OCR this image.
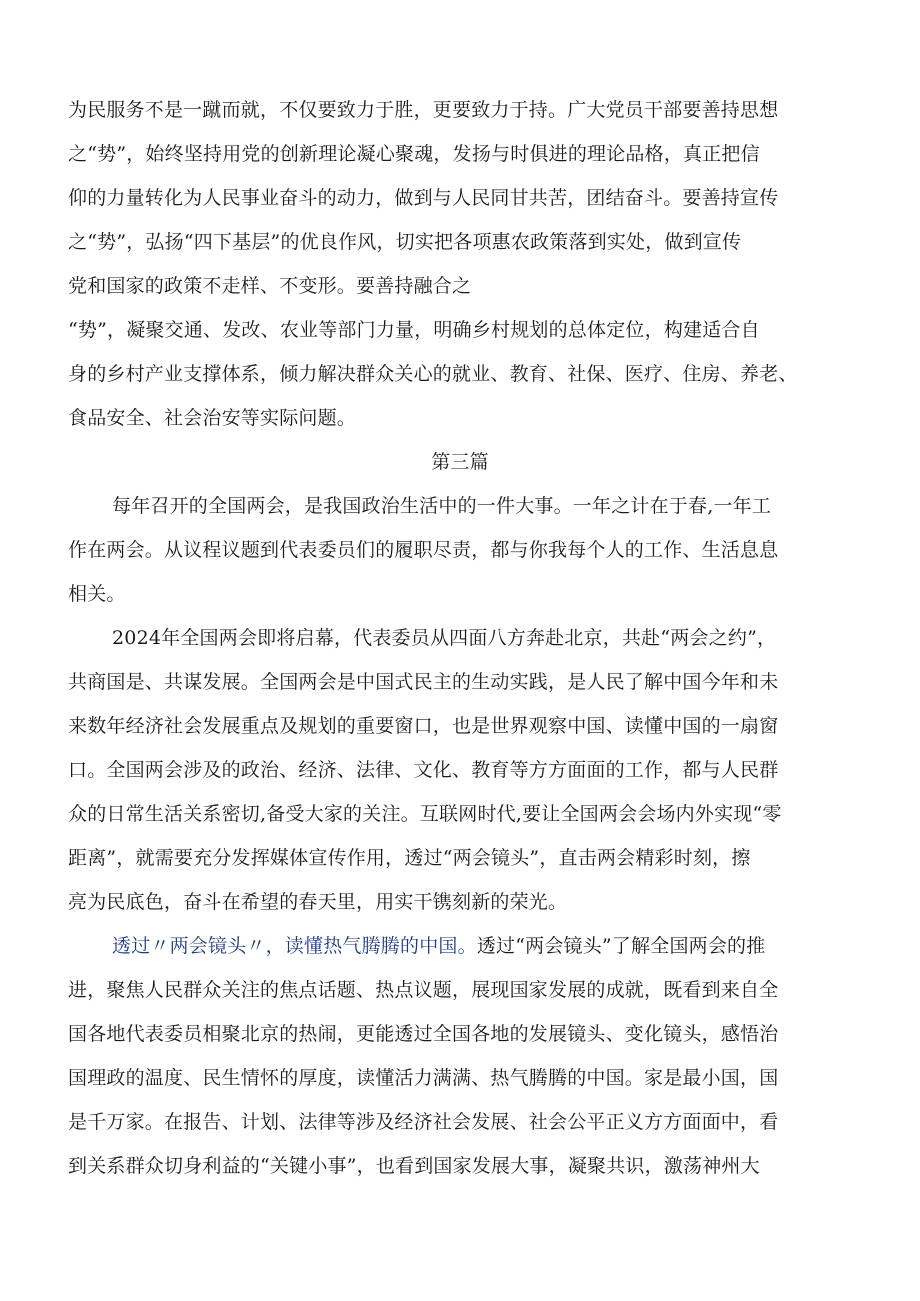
为民服务不是一蹴而就，不仅要致力于胜，更要致力于持。广大党员干部要善持思想
之“势”，始终坚持用党的创新理论凝心聚魂，发扬与时俱进的理论品格，真正把信
仰的力量转化为人民事业奋斗的动力，做到与人民同甘共苦，团结奋斗。要善持宣传
之“势”，弘扬“四下基层”的优良作风，切实把各项惠农政策落到实处，做到宣传
党和国家的政策不走样、不变形。要善持融合之
“势”，凝聚交通、发改、农业等部门力量，明确乡村规划的总体定位，构建适合自
身的乡村产业支撑体系，倾力解决群众关心的就业、教育、社保、医疗、住房、养老、
食品安全、社会治安等实际问题。
第三篇
每年召开的全国两会，是我国政治生活中的一件大事。一年之计在于春,一年工
作在两会。从议程议题到代表委员们的履职尽责，都与你我每个人的工作、生活息息
相关。
2024年全国两会即将启幕，代表委员从四面八方奔赴北京，共赴“两会之约”，
共商国是、共谋发展。全国两会是中国式民主的生动实践，是人民了解中国今年和未
来数年经济社会发展重点及规划的重要窗口，也是世界观察中国、读懂中国的一扇窗
口。全国两会涉及的政治、经济、法律、文化、教育等方方面面的工作，都与人民群
众的日常生活关系密切,备受大家的关注。互联网时代,要让全国两会会场内外实现“零
距离”，就需要充分发挥媒体宣传作用，透过“两会镜头”，直击两会精彩时刻，擦
亮为民底色，奋斗在希望的春天里，用实干镌刻新的荣光。
透过〃两会镜头〃，读懂热气腾腾的中国。透过“两会镜头”了解全国两会的推
进，聚焦人民群众关注的焦点话题、热点议题，展现国家发展的成就，既看到来自全
国各地代表委员相聚北京的热闹，更能透过全国各地的发展镜头、变化镜头，感悟治
国理政的温度、民生情怀的厚度，读懂活力满满、热气腾腾的中国。家是最小国，国
是千万家。在报告、计划、法律等涉及经济社会发展、社会公平正义方方面面中，看
到关系群众切身利益的“关键小事”，也看到国家发展大事，凝聚共识，激荡神州大
